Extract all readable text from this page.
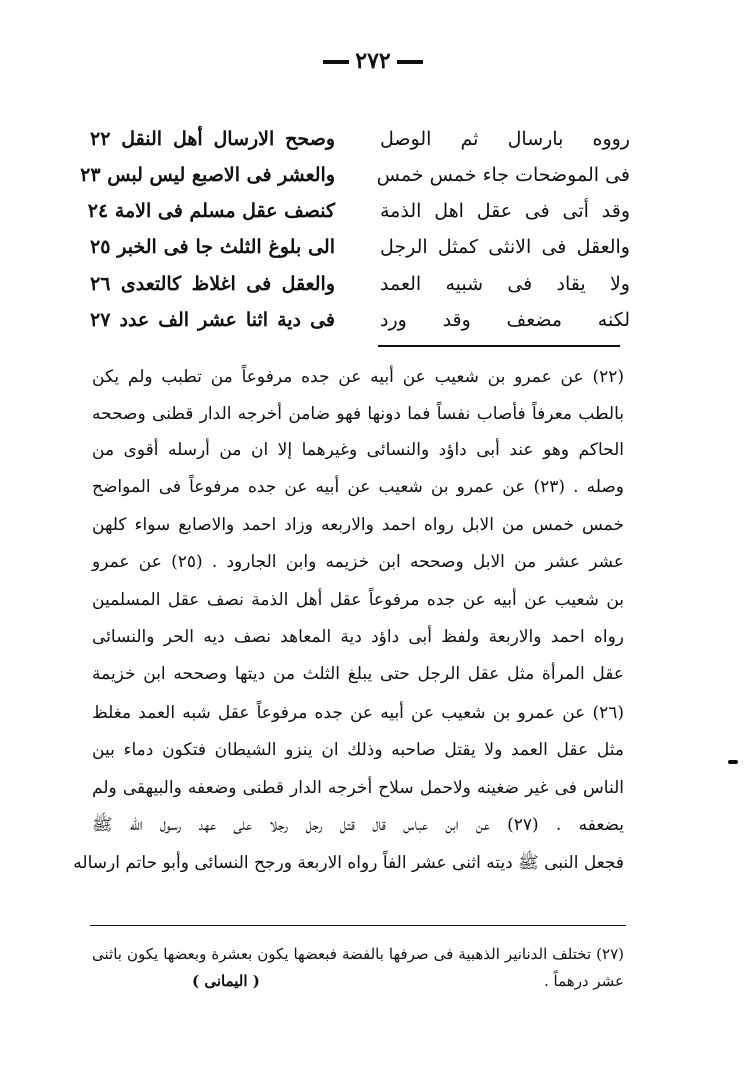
٢٧٢
رووه بارسال ثم الوصل
وصحح الارسال أهل النقل ٢٢
فى الموضحات جاء خمس خمس
والعشر فى الاصبع ليس لبس ٢٣
وقد أتى فى عقل اهل الذمة
كنصف عقل مسلم فى الامة ٢٤
والعقل فى الانثى كمثل الرجل
الى بلوغ الثلث جا فى الخبر ٢٥
ولا يقاد فى شبيه العمد
والعقل فى اغلاظ كالتعدى ٢٦
لكنه مضعف وقد ورد
فى دية اثنا عشر الف عدد ٢٧
(٢٢) عن عمرو بن شعيب عن أبيه عن جده مرفوعاً من تطبب ولم يكن
بالطب معرفاً فأصاب نفساً فما دونها فهو ضامن أخرجه الدار قطنى وصححه
الحاكم وهو عند أبى داؤد والنسائى وغيرهما إلا ان من أرسله أقوى من
وصله . (٢٣) عن عمرو بن شعيب عن أبيه عن جده مرفوعاً فى المواضح
خمس خمس من الابل رواه احمد والاربعه وزاد احمد والاصابع سواء كلهن
عشر عشر من الابل وصححه ابن خزيمه وابن الجارود . (٢٥) عن عمرو
بن شعيب عن أبيه عن جده مرفوعاً عقل أهل الذمة نصف عقل المسلمين
رواه احمد والاربعة ولفظ أبى داؤد دية المعاهد نصف ديه الحر والنسائى
عقل المرأة مثل عقل الرجل حتى يبلغ الثلث من ديتها وصححه ابن خزيمة
(٢٦) عن عمرو بن شعيب عن أبيه عن جده مرفوعاً عقل شبه العمد مغلظ
مثل عقل العمد ولا يقتل صاحبه وذلك ان ينزو الشيطان فتكون دماء بين
الناس فى غير ضغينه ولاحمل سلاح أخرجه الدار قطنى وضعفه والبيهقى ولم
يضعفه . (٢٧) عن ابن عباس قال قتل رجل رجلا على عهد رسول الله ﷺ
فجعل النبى ﷺ ديته اثنى عشر الفاً رواه الاربعة ورجح النسائى وأبو حاتم ارساله
(٢٧) تختلف الدنانير الذهبية فى صرفها بالفضة فبعضها يكون بعشرة وبعضها يكون باثنى
عشر درهماً .
( اليمانى )
